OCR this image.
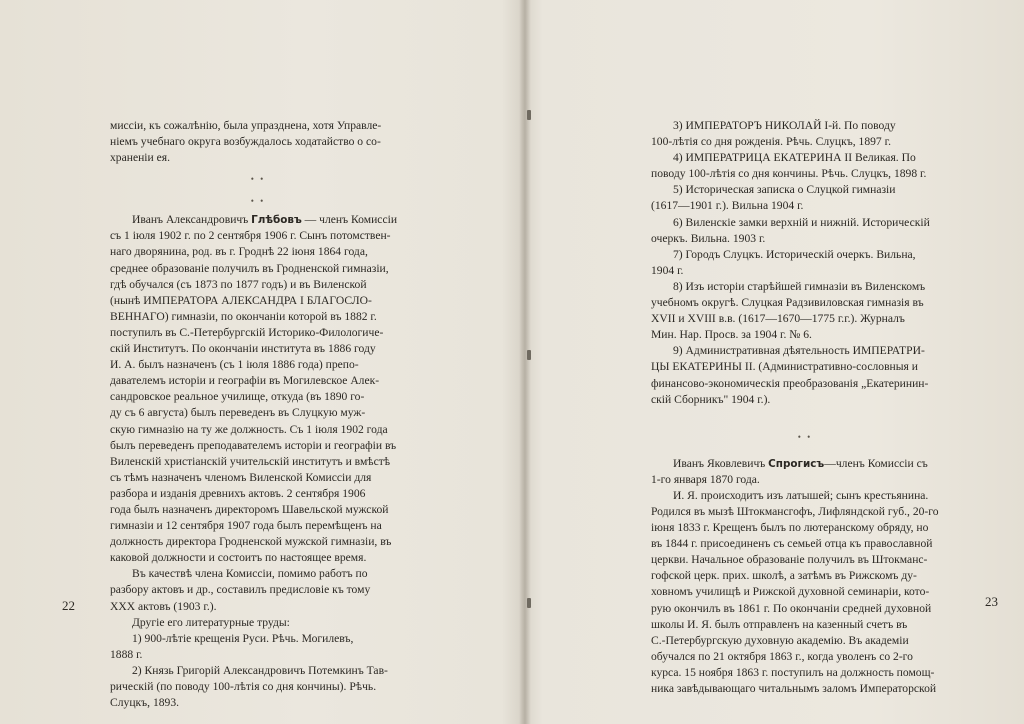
миссіи, къ сожалѣнію, была упразднена, хотя Управле-

ніемъ учебнаго округа возбуждалось ходатайство о со-

храненіи ея.

• •

• •

Иванъ Александровичъ Глѣбовъ — членъ Комиссіи

съ 1 іюля 1902 г. по 2 сентября 1906 г. Сынъ потомствен-

наго дворянина, род. въ г. Гроднѣ 22 іюня 1864 года,

среднее образованіе получилъ въ Гродненской гимназіи,

гдѣ обучался (съ 1873 по 1877 годъ) и въ Виленской

(нынѣ ИМПЕРАТОРА АЛЕКСАНДРА I БЛАГОСЛО-

ВЕННАГО) гимназіи, по окончаніи которой въ 1882 г.

поступилъ въ С.-Петербургскій Историко-Филологиче-

скій Институтъ. По окончаніи института въ 1886 году

И. А. былъ назначенъ (съ 1 іюля 1886 года) препо-

давателемъ исторіи и географіи въ Могилевское Алек-

сандровское реальное училище, откуда (въ 1890 го-

ду съ 6 августа) былъ переведенъ въ Слуцкую муж-

скую гимназію на ту же должность. Съ 1 іюля 1902 года

былъ переведенъ преподавателемъ исторіи и географіи въ

Виленскій христіанскій учительскій институтъ и вмѣстѣ

съ тѣмъ назначенъ членомъ Виленской Комиссіи для

разбора и изданія древнихъ актовъ. 2 сентября 1906

года былъ назначенъ директоромъ Шавельской мужской

гимназіи и 12 сентября 1907 года былъ перемѣщенъ на

должность директора Гродненской мужской гимназіи, въ

каковой должности и состоитъ по настоящее время.

Въ качествѣ члена Комиссіи, помимо работъ по

разбору актовъ и др., составилъ предисловіе къ тому

XXX актовъ (1903 г.).

Другіе его литературные труды:

1) 900-лѣтіе крещенія Руси. Рѣчь. Могилевъ,

1888 г.

2) Князь Григорій Александровичъ Потемкинъ Тав-

рическій (по поводу 100-лѣтія со дня кончины). Рѣчь.

Слуцкъ, 1893.

22

3) ИМПЕРАТОРЪ НИКОЛАЙ I-й. По поводу

100-лѣтія со дня рожденія. Рѣчь. Слуцкъ, 1897 г.

4) ИМПЕРАТРИЦА ЕКАТЕРИНА II Великая. По

поводу 100-лѣтія со дня кончины. Рѣчь. Слуцкъ, 1898 г.

5) Историческая записка о Слуцкой гимназіи

(1617—1901 г.). Вильна 1904 г.

6) Виленскіе замки верхній и нижній. Историческій

очеркъ. Вильна. 1903 г.

7) Городъ Слуцкъ. Историческій очеркъ. Вильна,

1904 г.

8) Изъ исторіи старѣйшей гимназіи въ Виленскомъ

учебномъ округѣ. Слуцкая Радзивиловская гимназія въ

XVII и XVIII в.в. (1617—1670—1775 г.г.). Журналъ

Мин. Нар. Просв. за 1904 г. № 6.

9) Административная дѣятельность ИМПЕРАТРИ-

ЦЫ ЕКАТЕРИНЫ II. (Административно-сословныя и

финансово-экономическія преобразованія „Екатеринин-

скій Сборникъ" 1904 г.).

• •

Иванъ Яковлевичъ Спрогисъ—членъ Комиссіи съ

1-го января 1870 года.

И. Я. происходитъ изъ латышей; сынъ крестьянина.

Родился въ мызѣ Штокмансгофъ, Лифляндской губ., 20-го

іюня 1833 г. Крещенъ былъ по лютеранскому обряду, но

въ 1844 г. присоединенъ съ семьей отца къ православной

церкви. Начальное образованіе получилъ въ Штокманс-

гофской церк. прих. школѣ, а затѣмъ въ Рижскомъ ду-

ховномъ училищѣ и Рижской духовной семинаріи, кото-

рую окончилъ въ 1861 г. По окончаніи средней духовной

школы И. Я. былъ отправленъ на казенный счетъ въ

С.-Петербургскую духовную академію. Въ академіи

обучался по 21 октября 1863 г., когда уволенъ со 2-го

курса. 15 ноября 1863 г. поступилъ на должность помощ-

ника завѣдывающаго читальнымъ заломъ Императорской

23
